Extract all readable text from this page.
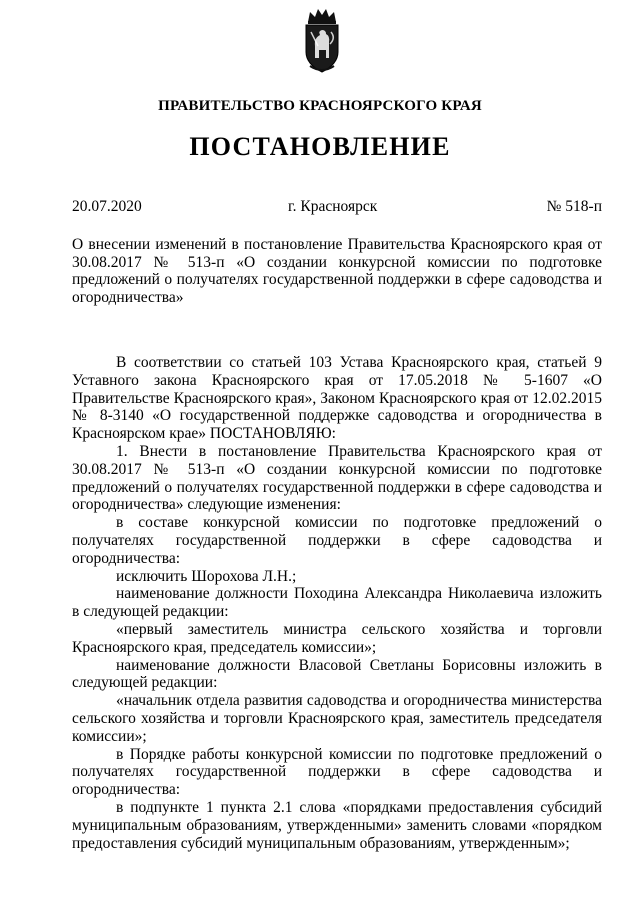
ПРАВИТЕЛЬСТВО КРАСНОЯРСКОГО КРАЯ
ПОСТАНОВЛЕНИЕ
20.07.2020	г. Красноярск	№ 518-п
О внесении изменений в постановление Правительства Красноярского края от 30.08.2017 № 513-п «О создании конкурсной комиссии по подготовке предложений о получателях государственной поддержки в сфере садоводства и огородничества»

В соответствии со статьей 103 Устава Красноярского края, статьей 9 Уставного закона Красноярского края от 17.05.2018 № 5-1607 «О Правительстве Красноярского края», Законом Красноярского края от 12.02.2015 № 8-3140 «О государственной поддержке садоводства и огородничества в Красноярском крае» ПОСТАНОВЛЯЮ:

1. Внести в постановление Правительства Красноярского края от 30.08.2017 № 513-п «О создании конкурсной комиссии по подготовке предложений о получателях государственной поддержки в сфере садоводства и огородничества» следующие изменения:

в составе конкурсной комиссии по подготовке предложений о получателях государственной поддержки в сфере садоводства и огородничества:

исключить Шорохова Л.Н.;

наименование должности Походина Александра Николаевича изложить в следующей редакции:

«первый заместитель министра сельского хозяйства и торговли Красноярского края, председатель комиссии»;

наименование должности Власовой Светланы Борисовны изложить в следующей редакции:

«начальник отдела развития садоводства и огородничества министерства сельского хозяйства и торговли Красноярского края, заместитель председателя комиссии»;

в Порядке работы конкурсной комиссии по подготовке предложений о получателях государственной поддержки в сфере садоводства и огородничества:

в подпункте 1 пункта 2.1 слова «порядками предоставления субсидий муниципальным образованиям, утвержденными» заменить словами «порядком предоставления субсидий муниципальным образованиям, утвержденным»;
